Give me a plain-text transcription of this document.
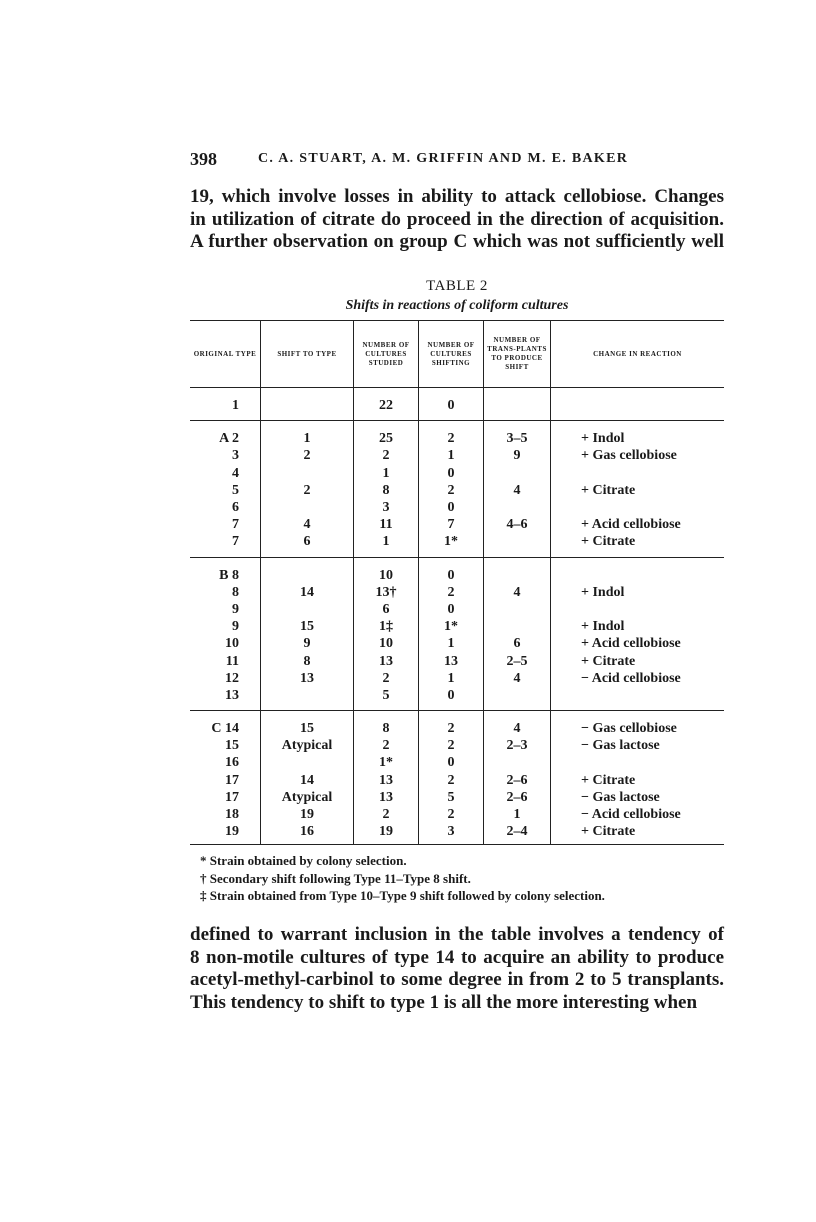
398	C. A. STUART, A. M. GRIFFIN AND M. E. BAKER
19, which involve losses in ability to attack cellobiose. Changes
in utilization of citrate do proceed in the direction of acquisition.
A further observation on group C which was not sufficiently well
TABLE 2
Shifts in reactions of coliform cultures
ORIGINAL TYPE	SHIFT TO TYPE	NUMBER OF CULTURES STUDIED	NUMBER OF CULTURES SHIFTING	NUMBER OF TRANS-PLANTS TO PRODUCE SHIFT	CHANGE IN REACTION
1		22	0		
A 2	1	25	2	3–5	+ Indol
3	2	2	1	9	+ Gas cellobiose
4		1	0		
5	2	8	2	4	+ Citrate
6		3	0		
7	4	11	7	4–6	+ Acid cellobiose
7	6	1	1*		+ Citrate
B 8		10	0		
8	14	13†	2	4	+ Indol
9		6	0		
9	15	1‡	1*		+ Indol
10	9	10	1	6	+ Acid cellobiose
11	8	13	13	2–5	+ Citrate
12	13	2	1	4	− Acid cellobiose
13		5	0		
C 14	15	8	2	4	− Gas cellobiose
15	Atypical	2	2	2–3	− Gas lactose
16		1*	0		
17	14	13	2	2–6	+ Citrate
17	Atypical	13	5	2–6	− Gas lactose
18	19	2	2	1	− Acid cellobiose
19	16	19	3	2–4	+ Citrate
* Strain obtained by colony selection.
† Secondary shift following Type 11–Type 8 shift.
‡ Strain obtained from Type 10–Type 9 shift followed by colony selection.
defined to warrant inclusion in the table involves a tendency of
8 non-motile cultures of type 14 to acquire an ability to produce
acetyl-methyl-carbinol to some degree in from 2 to 5 transplants.
This tendency to shift to type 1 is all the more interesting when
